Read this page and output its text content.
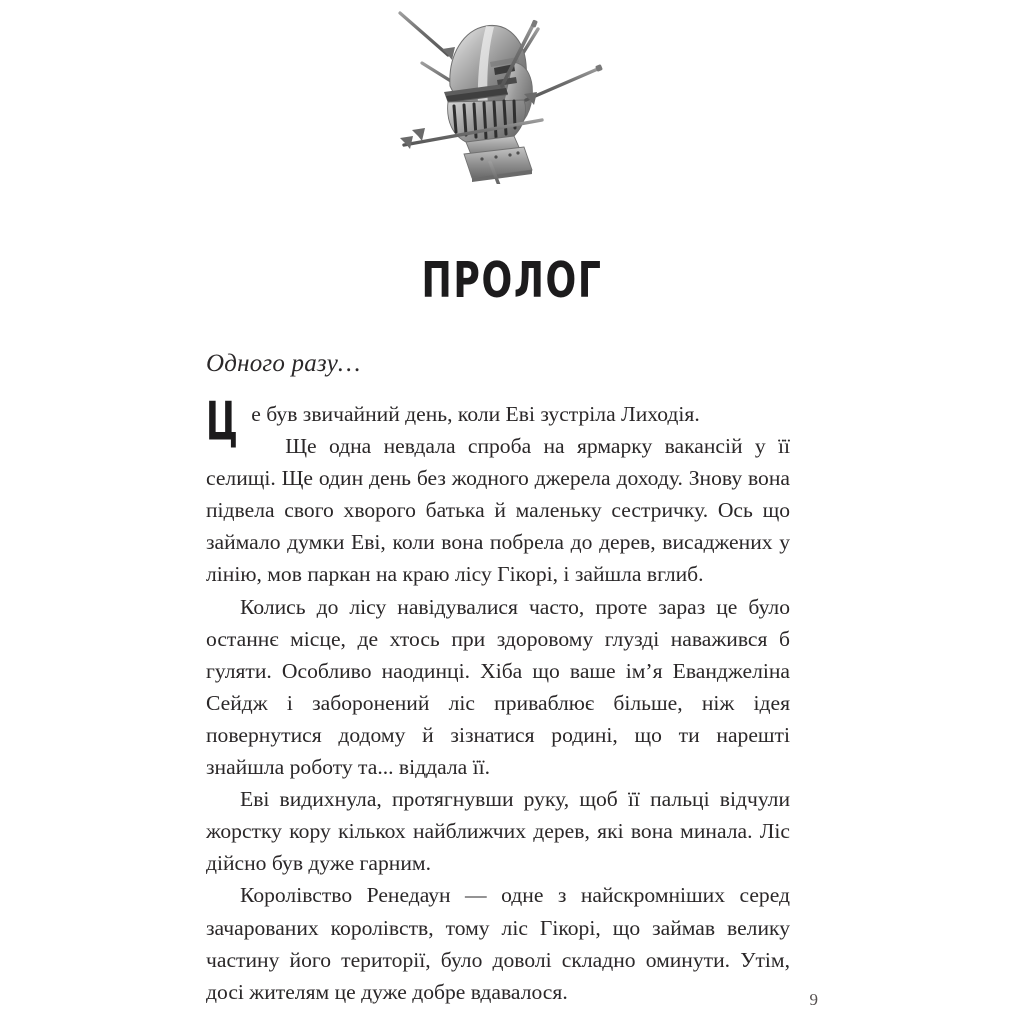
ПРОЛОГ

Одного разу…

Це був звичайний день, коли Еві зустріла Лиходія.

Ще одна невдала спроба на ярмарку вакансій у її селищі. Ще один день без жодного джерела доходу. Знову вона підвела свого хворого батька й маленьку сестричку. Ось що займало думки Еві, коли вона побрела до дерев, висаджених у лінію, мов паркан на краю лісу Гікорі, і зайшла вглиб.

Колись до лісу навідувалися часто, проте зараз це було останнє місце, де хтось при здоровому глузді наважився б гуляти. Особливо наодинці. Хіба що ваше ім’я Еванджеліна Сейдж і заборонений ліс приваблює більше, ніж ідея повернутися додому й зізнатися родині, що ти нарешті знайшла роботу та... віддала її.

Еві видихнула, протягнувши руку, щоб її пальці відчули жорстку кору кількох найближчих дерев, які вона минала. Ліс дійсно був дуже гарним.

Королівство Ренедаун — одне з найскромніших серед зачарованих королівств, тому ліс Гікорі, що займав велику частину його території, було доволі складно оминути. Утім, досі жителям це дуже добре вдавалося.	9
